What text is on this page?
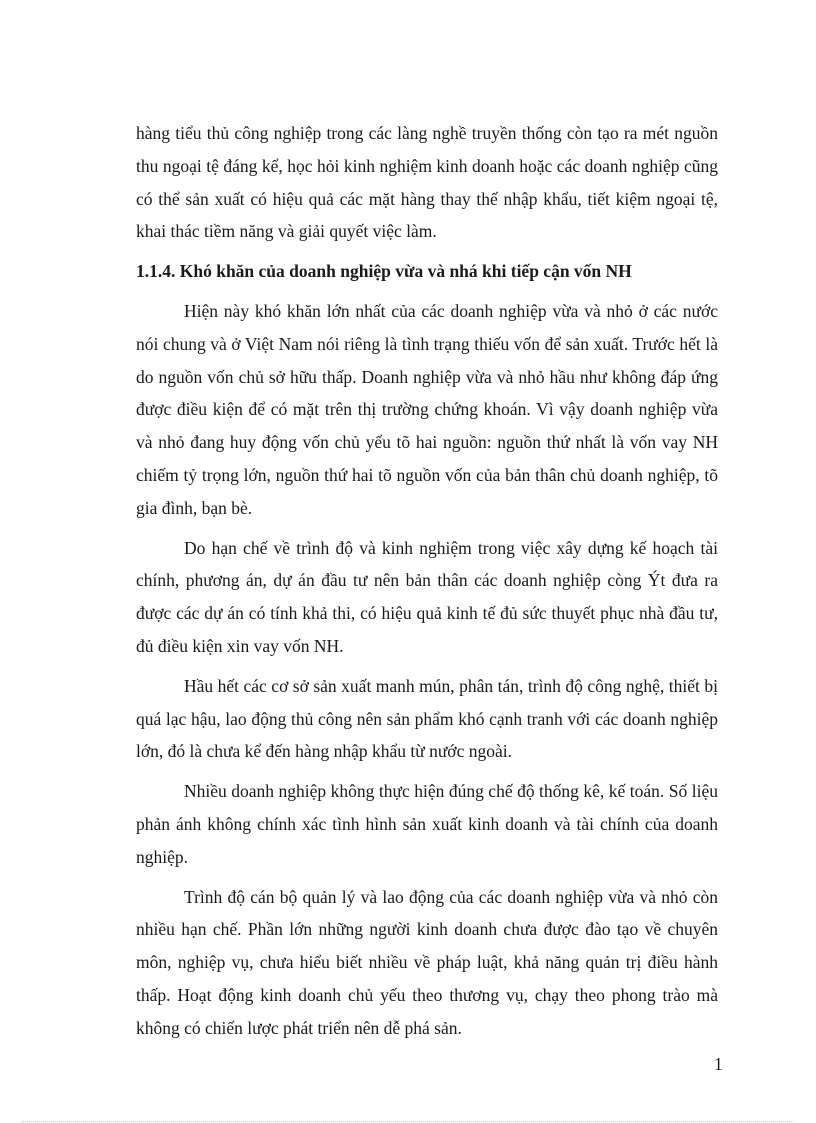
hàng tiểu thủ công nghiệp trong các làng nghề truyền thống còn tạo ra mét nguồn thu ngoại tệ đáng kể, học hỏi kinh nghiệm kinh doanh hoặc các doanh nghiệp cũng có thể sản xuất có hiệu quả các mặt hàng thay thế nhập khẩu, tiết kiệm ngoại tệ, khai thác tiềm năng và giải quyết việc làm.

1.1.4. Khó khăn của doanh nghiệp vừa và nhá khi tiếp cận vốn NH

Hiện này khó khăn lớn nhất của các doanh nghiệp vừa và nhỏ ở các nước nói chung và ở Việt Nam nói riêng là tình trạng thiếu vốn để sản xuất. Trước hết là do nguồn vốn chủ sở hữu thấp. Doanh nghiệp vừa và nhỏ hầu như không đáp ứng được điều kiện để có mặt trên thị trường chứng khoán. Vì vậy doanh nghiệp vừa và nhỏ đang huy động vốn chủ yếu tõ hai nguồn: nguồn thứ nhất là vốn vay NH chiếm tỷ trọng lớn, nguồn thứ hai tõ nguồn vốn của bản thân chủ doanh nghiệp, tõ gia đình, bạn bè.

Do hạn chế về trình độ và kinh nghiệm trong việc xây dựng kế hoạch tài chính, phương án, dự án đầu tư nên bản thân các doanh nghiệp còng Ýt đưa ra được các dự án có tính khả thi, có hiệu quả kinh tế đủ sức thuyết phục nhà đầu tư, đủ điều kiện xin vay vốn NH.

Hầu hết các cơ sở sản xuất manh mún, phân tán, trình độ công nghệ, thiết bị quá lạc hậu, lao động thủ công nên sản phẩm khó cạnh tranh với các doanh nghiệp lớn, đó là chưa kể đến hàng nhập khẩu từ nước ngoài.

Nhiều doanh nghiệp không thực hiện đúng chế độ thống kê, kế toán. Số liệu phản ánh không chính xác tình hình sản xuất kinh doanh và tài chính của doanh nghiệp.

Trình độ cán bộ quản lý và lao động của các doanh nghiệp vừa và nhỏ còn nhiều hạn chế. Phần lớn những người kinh doanh chưa được đào tạo về chuyên môn, nghiệp vụ, chưa hiểu biết nhiều về pháp luật, khả năng quản trị điều hành thấp. Hoạt động kinh doanh chủ yếu theo thương vụ, chạy theo phong trào mà không có chiến lược phát triển nên dễ phá sản.

1
